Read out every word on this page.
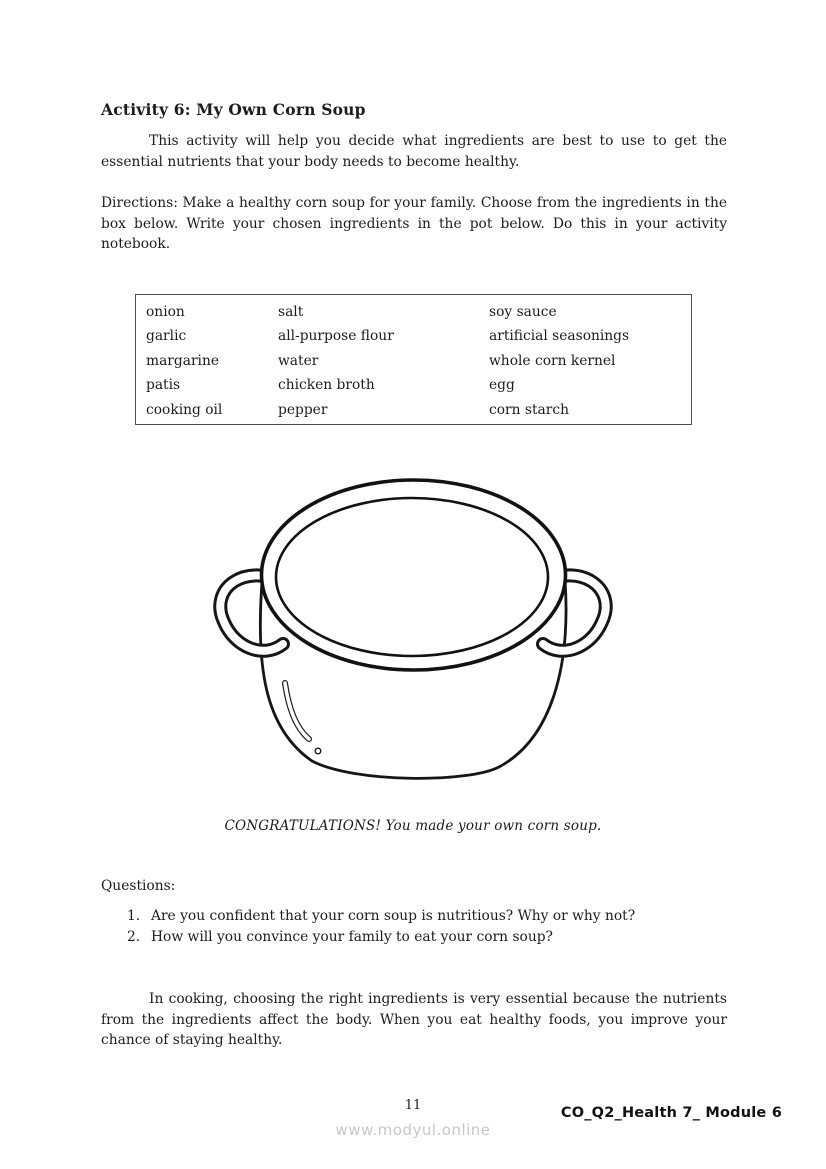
Activity 6: My Own Corn Soup

This activity will help you decide what ingredients are best to use to get the essential nutrients that your body needs to become healthy.

Directions: Make a healthy corn soup for your family. Choose from the ingredients in the box below. Write your chosen ingredients in the pot below. Do this in your activity notebook.

onion	salt	soy sauce
garlic	all-purpose flour	artificial seasonings
margarine	water	whole corn kernel
patis	chicken broth	egg
cooking oil	pepper	corn starch

CONGRATULATIONS! You made your own corn soup.

Questions:
1. Are you confident that your corn soup is nutritious? Why or why not?
2. How will you convince your family to eat your corn soup?

In cooking, choosing the right ingredients is very essential because the nutrients from the ingredients affect the body. When you eat healthy foods, you improve your chance of staying healthy.

11
www.modyul.online
CO_Q2_Health 7_ Module 6
